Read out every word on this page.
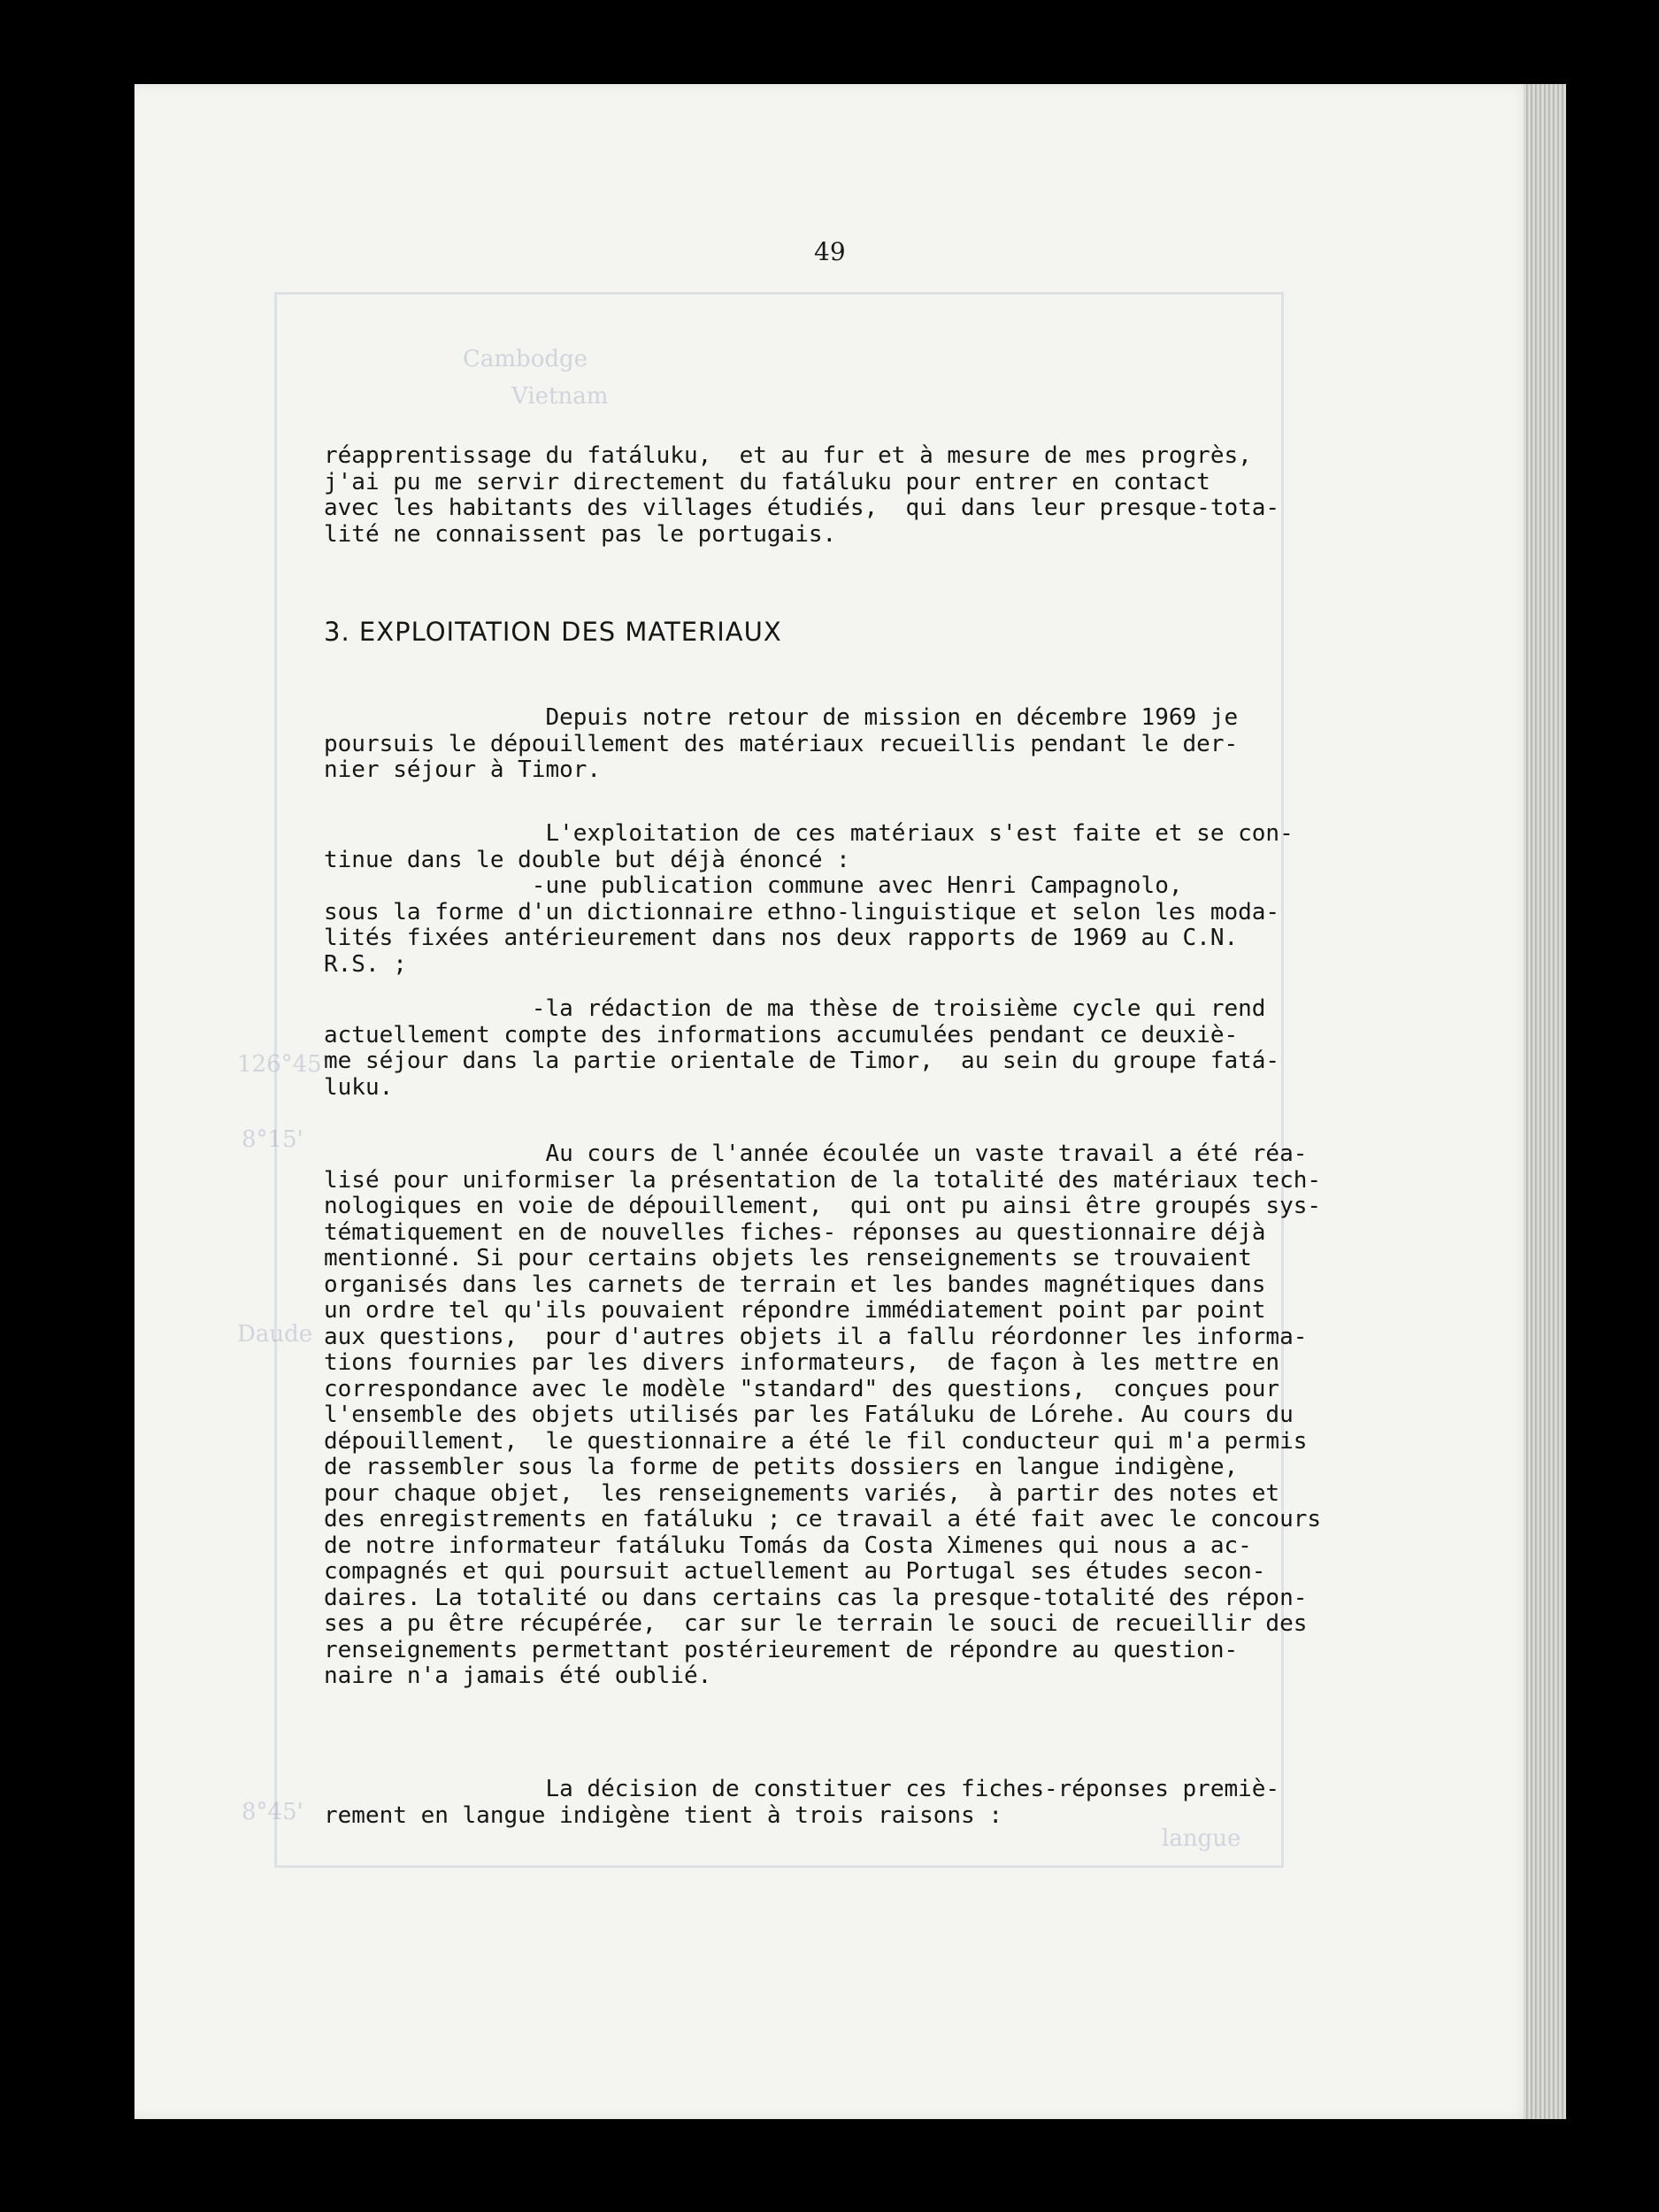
Cambodge
Vietnam
126°45'
8°15'
8°45'
Daude
langue
49
réapprentissage du fatáluku,  et au fur et à mesure de mes progrès,
j'ai pu me servir directement du fatáluku pour entrer en contact
avec les habitants des villages étudiés,  qui dans leur presque-tota-
lité ne connaissent pas le portugais.
3. EXPLOITATION DES MATERIAUX
Depuis notre retour de mission en décembre 1969 je
poursuis le dépouillement des matériaux recueillis pendant le der-
nier séjour à Timor.
L'exploitation de ces matériaux s'est faite et se con-
tinue dans le double but déjà énoncé :
-une publication commune avec Henri Campagnolo,
sous la forme d'un dictionnaire ethno-linguistique et selon les moda-
lités fixées antérieurement dans nos deux rapports de 1969 au C.N.
R.S. ;
-la rédaction de ma thèse de troisième cycle qui rend
actuellement compte des informations accumulées pendant ce deuxiè-
me séjour dans la partie orientale de Timor,  au sein du groupe fatá-
luku.
Au cours de l'année écoulée un vaste travail a été réa-
lisé pour uniformiser la présentation de la totalité des matériaux tech-
nologiques en voie de dépouillement,  qui ont pu ainsi être groupés sys-
tématiquement en de nouvelles fiches- réponses au questionnaire déjà
mentionné. Si pour certains objets les renseignements se trouvaient
organisés dans les carnets de terrain et les bandes magnétiques dans
un ordre tel qu'ils pouvaient répondre immédiatement point par point
aux questions,  pour d'autres objets il a fallu réordonner les informa-
tions fournies par les divers informateurs,  de façon à les mettre en
correspondance avec le modèle "standard" des questions,  conçues pour
l'ensemble des objets utilisés par les Fatáluku de Lórehe. Au cours du
dépouillement,  le questionnaire a été le fil conducteur qui m'a permis
de rassembler sous la forme de petits dossiers en langue indigène,
pour chaque objet,  les renseignements variés,  à partir des notes et
des enregistrements en fatáluku ; ce travail a été fait avec le concours
de notre informateur fatáluku Tomás da Costa Ximenes qui nous a ac-
compagnés et qui poursuit actuellement au Portugal ses études secon-
daires. La totalité ou dans certains cas la presque-totalité des répon-
ses a pu être récupérée,  car sur le terrain le souci de recueillir des
renseignements permettant postérieurement de répondre au question-
naire n'a jamais été oublié.
La décision de constituer ces fiches-réponses premiè-
rement en langue indigène tient à trois raisons :
